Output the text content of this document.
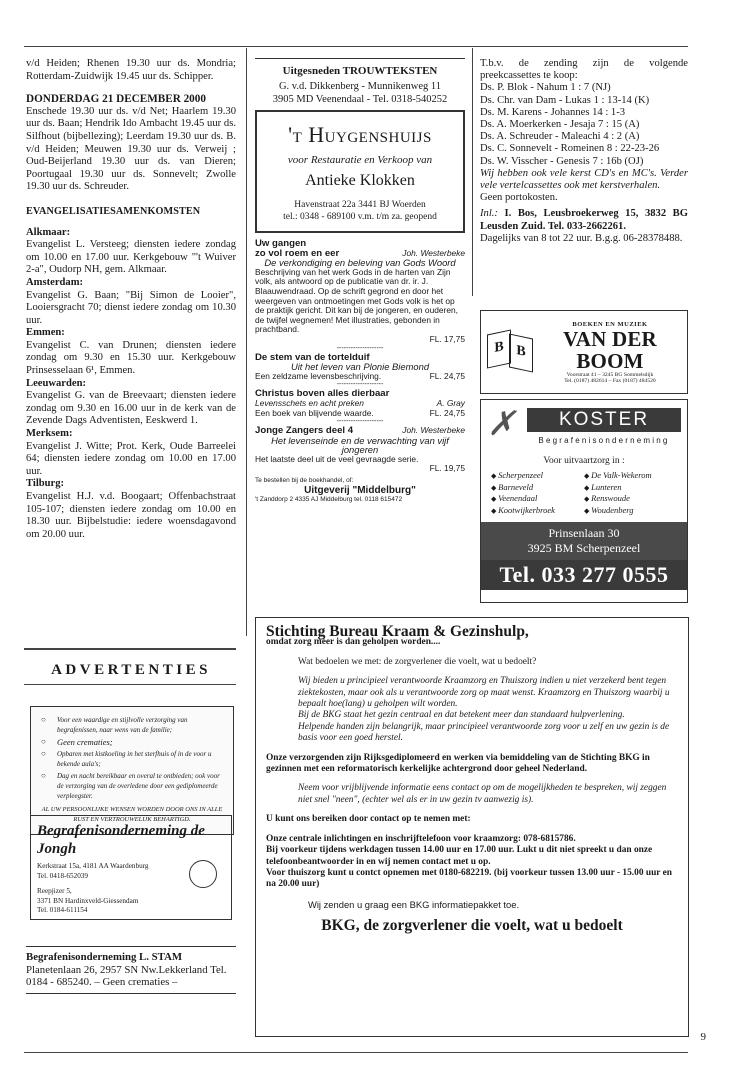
v/d Heiden; Rhenen 19.30 uur ds. Mondria; Rotterdam-Zuidwijk 19.45 uur ds. Schipper.

DONDERDAG 21 DECEMBER 2000

Enschede 19.30 uur ds. v/d Net; Haarlem 19.30 uur ds. Baan; Hendrik Ido Ambacht 19.45 uur ds. Silfhout (bijbellezing); Leerdam 19.30 uur ds. B. v/d Heiden; Meuwen 19.30 uur ds. Verweij ; Oud-Beijerland 19.30 uur ds. van Dieren; Poortugaal 19.30 uur ds. Sonnevelt; Zwolle 19.30 uur ds. Schreuder.

EVANGELISATIESAMENKOMSTEN

Alkmaar:

Evangelist L. Versteeg; diensten iedere zondag om 10.00 en 17.00 uur. Kerkgebouw "'t Wuiver 2-a", Oudorp NH, gem. Alkmaar.

Amsterdam:

Evangelist G. Baan; "Bij Simon de Looier", Looiersgracht 70; dienst iedere zondag om 10.30 uur.

Emmen:

Evangelist C. van Drunen; diensten iedere zondag om 9.30 en 15.30 uur. Kerkgebouw Prinsesselaan 6¹, Emmen.

Leeuwarden:

Evangelist G. van de Breevaart; diensten iedere zondag om 9.30 en 16.00 uur in de kerk van de Zevende Dags Adventisten, Eeskwerd 1.

Merksem:

Evangelist J. Witte; Prot. Kerk, Oude Barreelei 64; diensten iedere zondag om 10.00 en 17.00 uur.

Tilburg:

Evangelist H.J. v.d. Boogaart; Offenbachstraat 105-107; diensten iedere zondag om 10.00 en 18.30 uur. Bijbelstudie: iedere woensdagavond om 20.00 uur.

ADVERTENTIES
○ Voor een waardige en stijlvolle verzorging van begrafenissen, naar wens van de familie;
○ Geen crematies;
○ Opbaren met kistkoeling in het sterfhuis of in de voor u bekende aula's;
○ Dag en nacht bereikbaar en overal te ontbieden; ook voor de verzorging van de overledene door een gediplomeerde verpleegster.
AL UW PERSOONLIJKE WENSEN WORDEN DOOR ONS IN ALLE RUST EN VERTROUWELIJK BEHARTIGD.
Begrafenisonderneming de Jongh
Kerkstraat 15a, 4181 AA Waardenburg
Tel. 0418-652039
Reepjizer 5,
3371 BN Hardinxveld-Giessendam
Tel. 0184-611154

Begrafenisonderneming L. STAM

Planetenlaan 26, 2957 SN Nw.Lekkerland Tel. 0184 - 685240. – Geen crematies –

Uitgesneden TROUWTEKSTEN
G. v.d. Dikkenberg - Munnikenweg 11
3905 MD Veenendaal - Tel. 0318-540252
't Huygenshuijs
voor Restauratie en Verkoop van
Antieke Klokken
Havenstraat 22a 3441 BJ Woerden
tel.: 0348 - 689100 v.m. t/m za. geopend
Uw gangen
zo vol roem en eer	Joh. Westerbeke
De verkondiging en beleving van Gods Woord
Beschrijving van het werk Gods in de harten van Zijn volk, als antwoord op de publicatie van dr. ir. J. Blaauwendraad. Op de schrift gegrond en door het weergeven van ontmoetingen met Gods volk is het op de praktijk gericht. Dit kan bij de jongeren, en ouderen, de twijfel wegnemen! Met illustraties, gebonden in prachtband.
FL. 17,75
--------------------
De stem van de tortelduif
Uit het leven van Plonie Biemond
Een zeldzame levensbeschrijving.	FL. 24,75
--------------------
Christus boven alles dierbaar
Levensschets en acht preken	A. Gray
Een boek van blijvende waarde.	FL. 24,75
--------------------
Jonge Zangers deel 4	Joh. Westerbeke
Het levenseinde en de verwachting van vijf jongeren
Het laatste deel uit de veel gevraagde serie.
FL. 19,75
Te bestellen bij de boekhandel, of:
Uitgeverij "Middelburg"
't Zanddorp 2 4335 AJ Middelburg tel. 0118 615472

T.b.v. de zending zijn de volgende preekcassettes te koop:

Ds. P. Blok - Nahum 1 : 7 (NJ)

Ds. Chr. van Dam - Lukas 1 : 13-14 (K)

Ds. M. Karens - Johannes 14 : 1-3

Ds. A. Moerkerken - Jesaja 7 : 15 (A)

Ds. A. Schreuder - Maleachi 4 : 2 (A)

Ds. C. Sonnevelt - Romeinen 8 : 22-23-26

Ds. W. Visscher - Genesis 7 : 16b (OJ)

Wij hebben ook vele kerst CD's en MC's. Verder vele vertelcassettes ook met kerstverhalen.

Geen portokosten.

Inl.: I. Bos, Leusbroekerweg 15, 3832 BG Leusden Zuid. Tel. 033-2662261.

Dagelijks van 8 tot 22 uur. B.g.g. 06-28378488.

B B
BOEKEN EN MUZIEK
VAN DER BOOM
Voorstraat 41 – 3245 BG Sommelsdijk
Tel. (0187) 482614 – Fax (0187) 484520
✗	KOSTER
Begrafenisonderneming
Voor uitvaartzorg in :
◆ Scherpenzeel	◆ De Valk-Wekerom
◆ Barneveld	◆ Lunteren
◆ Veenendaal	◆ Renswoude
◆ Kootwijkerbroek	◆ Woudenberg
Prinsenlaan 30
3925 BM Scherpenzeel
Tel. 033 277 0555
Stichting Bureau Kraam & Gezinshulp,
omdat zorg meer is dan geholpen worden....

Wat bedoelen we met: de zorgverlener die voelt, wat u bedoelt?

Wij bieden u principieel verantwoorde Kraamzorg en Thuiszorg indien u niet verzekerd bent tegen ziektekosten, maar ook als u verantwoorde zorg op maat wenst. Kraamzorg en Thuiszorg waarbij u bepaalt hoe(lang) u geholpen wilt worden.

Bij de BKG staat het gezin centraal en dat betekent meer dan standaard hulpverlening.

Helpende handen zijn belangrijk, maar principieel verantwoorde zorg voor u zelf en uw gezin is de basis voor een goed herstel.

Onze verzorgenden zijn Rijksgediplomeerd en werken via bemiddeling van de Stichting BKG in gezinnen met een reformatorisch kerkelijke achtergrond door geheel Nederland.

Neem voor vrijblijvende informatie eens contact op om de mogelijkheden te bespreken, wij zeggen niet snel "neen", (echter wel als er in uw gezin tv aanwezig is).

U kunt ons bereiken door contact op te nemen met:

Onze centrale inlichtingen en inschrijftelefoon voor kraamzorg: 078-6815786.

Bij voorkeur tijdens werkdagen tussen 14.00 uur en 17.00 uur. Lukt u dit niet spreekt u dan onze telefoonbeantwoorder in en wij nemen contact met u op.

Voor thuiszorg kunt u contct opnemen met 0180-682219. (bij voorkeur tussen 13.00 uur - 15.00 uur en na 20.00 uur)

Wij zenden u graag een BKG informatiepakket toe.

BKG, de zorgverlener die voelt, wat u bedoelt

9
